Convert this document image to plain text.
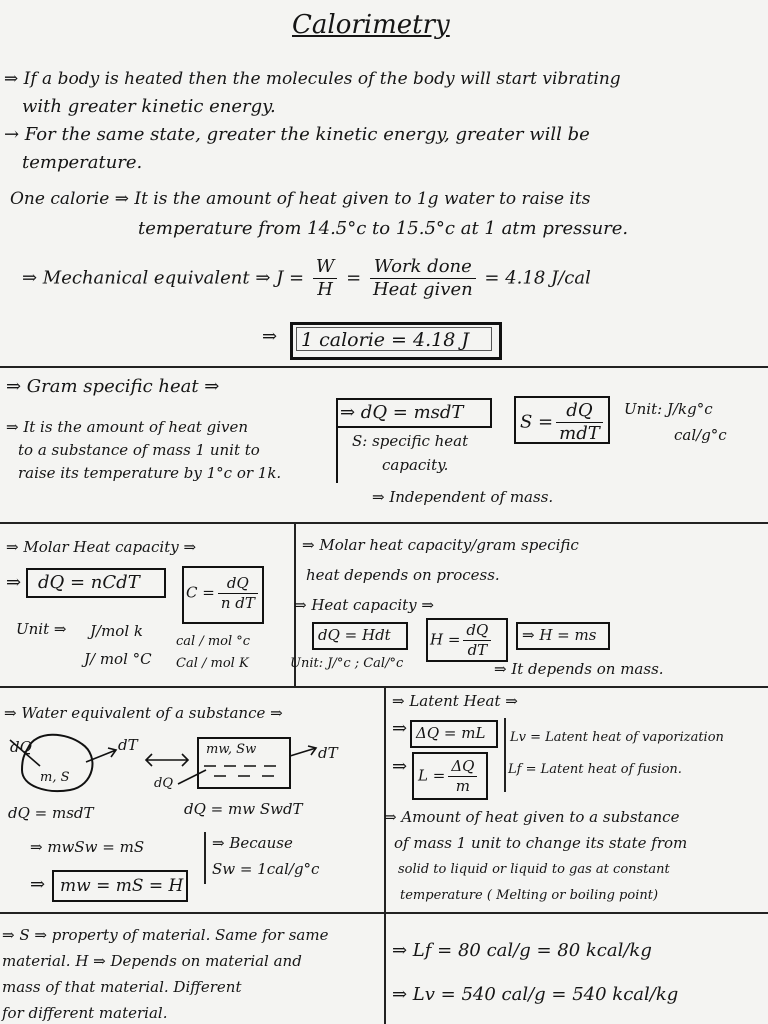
Calorimetry
⇒ If a body is heated then the molecules of the body will start vibrating
with greater kinetic energy.
→ For the same state, greater the kinetic energy, greater will be
temperature.
One calorie ⇒ It is the amount of heat given to 1g water to raise its
temperature from 14.5°c to 15.5°c at 1 atm pressure.
⇒ Mechanical equivalent ⇒ $J = \frac{W}{H} = \frac{\text{Work done}}{\text{Heat given}} = 4.18$ J/cal
⇒ 1 calorie = 4.18 J
⇒ Gram specific heat ⇒
⇒ It is the amount of heat given
to a substance of mass 1 unit to
raise its temperature by 1°c or 1k.
⇒ dQ = msdT
S: specific heat
capacity.
$S = \frac{dQ}{\text{mdT}}$ Unit: J/kg°c
cal/g°c
⇒ Independent of mass.
⇒ Molar Heat capacity ⇒
⇒ dQ = nCdT	$C = \frac{dQ}{\text{n dT}}$
Unit ⇒ J/mol k
J/ mol °C
cal / mol °c
Cal / mol K
⇒ Molar heat capacity/gram specific
heat depends on process.
⇒ Heat capacity ⇒
dQ = Hdt	$H = \frac{dQ}{dT}$ ⇒ H = ms
Unit: J/°c ; Cal/°c	⇒ It depends on mass.
⇒ Water equivalent of a substance ⇒
dQ
m, S
dT	mw, Sw
dQ
dT
dQ = msdT	dQ = mw SwdT
⇒ mwSw = mS	⇒ Because
Sw = 1cal/g°c
⇒ mw = mS = H
⇒ Latent Heat ⇒
⇒ ΔQ = mL
⇒ $L = \frac{\Delta Q}{m}$
Lv = Latent heat of vaporization
Lf = Latent heat of fusion.
⇒ Amount of heat given to a substance
of mass 1 unit to change its state from
solid to liquid or liquid to gas at constant
temperature ( Melting or boiling point)
⇒ S ⇒ property of material. Same for same
material. H ⇒ Depends on material and
mass of that material. Different
for different material.
⇒ Lf = 80 cal/g = 80 kcal/kg
⇒ Lv = 540 cal/g = 540 kcal/kg
